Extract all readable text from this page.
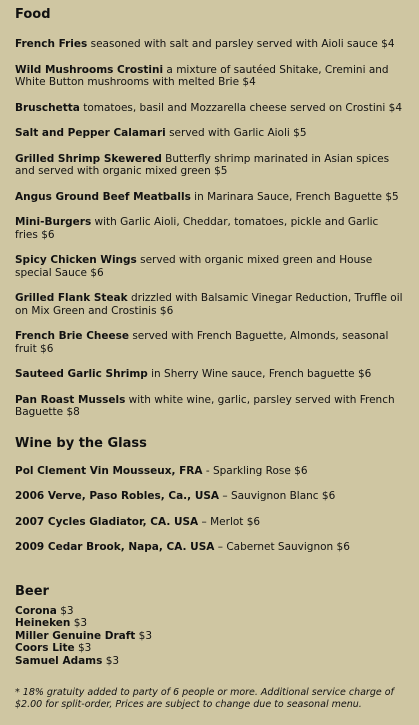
Food

French Fries seasoned with salt and parsley served with Aioli sauce $4

Wild Mushrooms Crostini a mixture of sautéed Shitake, Cremini and White Button mushrooms with melted Brie $4

Bruschetta tomatoes, basil and Mozzarella cheese served on Crostini $4

Salt and Pepper Calamari served with Garlic Aioli $5

Grilled Shrimp Skewered Butterfly shrimp marinated in Asian spices and served with organic mixed green $5

Angus Ground Beef Meatballs in Marinara Sauce, French Baguette $5

Mini-Burgers with Garlic Aioli, Cheddar, tomatoes, pickle and Garlic fries $6

Spicy Chicken Wings served with organic mixed green and House special Sauce $6

Grilled Flank Steak drizzled with Balsamic Vinegar Reduction, Truffle oil on Mix Green and Crostinis $6

French Brie Cheese served with French Baguette, Almonds, seasonal fruit $6

Sauteed Garlic Shrimp in Sherry Wine sauce, French baguette $6

Pan Roast Mussels with white wine, garlic, parsley served with French Baguette $8

Wine by the Glass

Pol Clement Vin Mousseux, FRA - Sparkling Rose $6

2006 Verve, Paso Robles, Ca., USA – Sauvignon Blanc $6

2007 Cycles Gladiator, CA. USA – Merlot $6

2009 Cedar Brook, Napa, CA. USA – Cabernet Sauvignon $6

Beer

Corona $3

Heineken $3

Miller Genuine Draft $3

Coors Lite $3

Samuel Adams $3

* 18% gratuity added to party of 6 people or more. Additional service charge of $2.00 for split-order, Prices are subject to change due to seasonal menu.
